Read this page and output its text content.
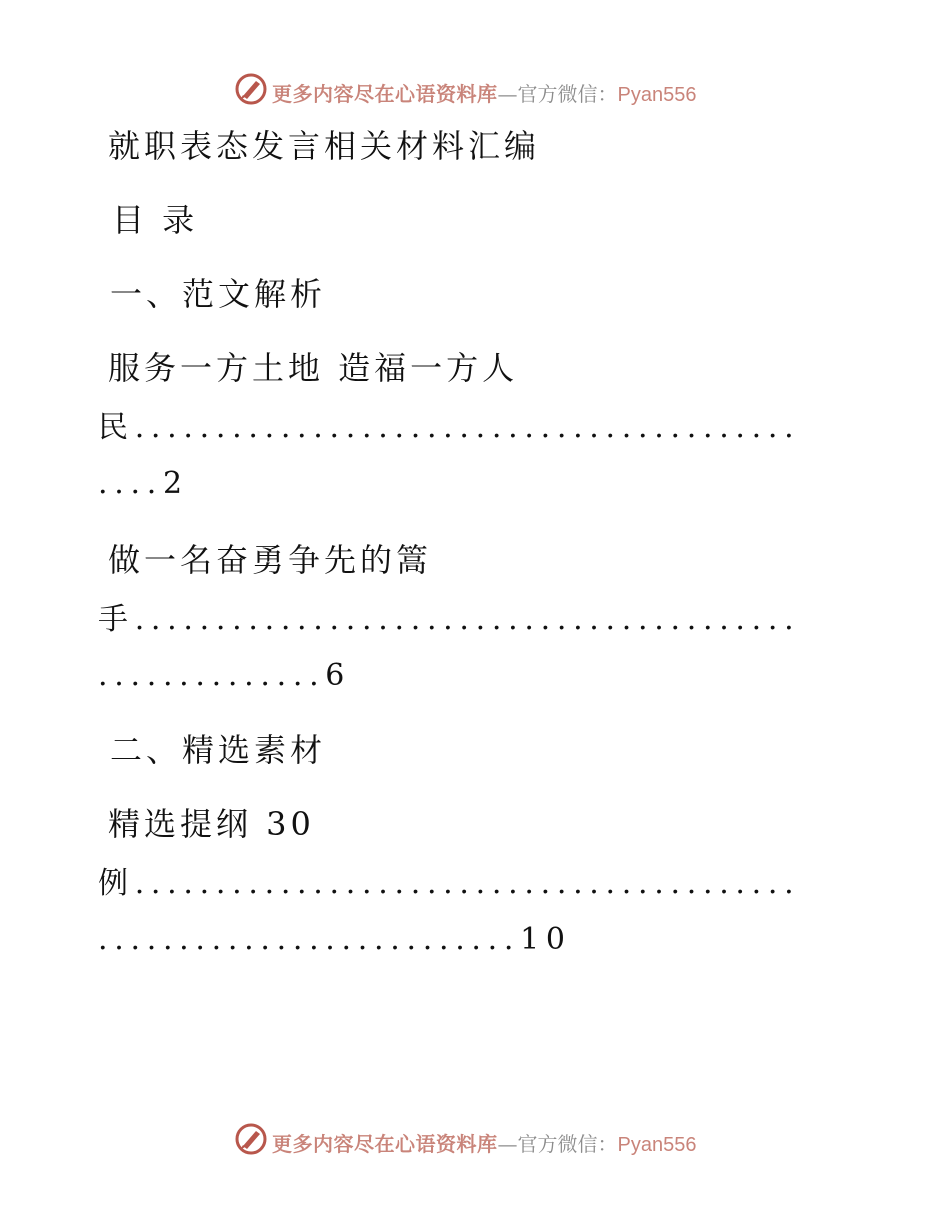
更多内容尽在心语资料库—官方微信：Pyan556
就职表态发言相关材料汇编
目 录
一、范文解析
服务一方土地 造福一方人
民.........................................
....2
做一名奋勇争先的篙
手.........................................
..............6
二、精选素材
精选提纲 30
例.........................................
..........................10
更多内容尽在心语资料库—官方微信：Pyan556
